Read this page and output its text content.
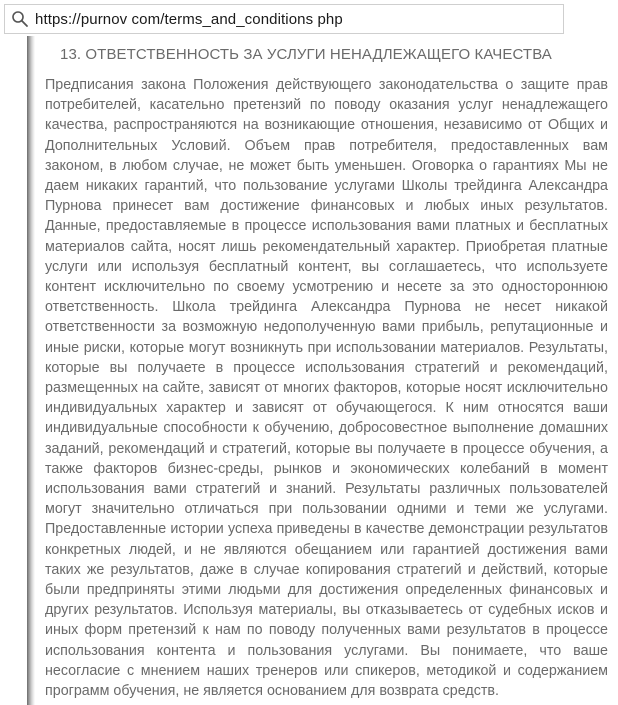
https://purnov com/terms_and_conditions php
13. ОТВЕТСТВЕННОСТЬ ЗА УСЛУГИ НЕНАДЛЕЖАЩЕГО КАЧЕСТВА

Предписания закона Положения действующего законодательства о защите прав потребителей, касательно претензий по поводу оказания услуг ненадлежащего качества, распространяются на возникающие отношения, независимо от Общих и Дополнительных Условий. Объем прав потребителя, предоставленных вам законом, в любом случае, не может быть уменьшен. Оговорка о гарантиях Мы не даем никаких гарантий, что пользование услугами Школы трейдинга Александра Пурнова принесет вам достижение финансовых и любых иных результатов. Данные, предоставляемые в процессе использования вами платных и бесплатных материалов сайта, носят лишь рекомендательный характер. Приобретая платные услуги или используя бесплатный контент, вы соглашаетесь, что используете контент исключительно по своему усмотрению и несете за это одностороннюю ответственность. Школа трейдинга Александра Пурнова не несет никакой ответственности за возможную недополученную вами прибыль, репутационные и иные риски, которые могут возникнуть при использовании материалов. Результаты, которые вы получаете в процессе использования стратегий и рекомендаций, размещенных на сайте, зависят от многих факторов, которые носят исключительно индивидуальных характер и зависят от обучающегося. К ним относятся ваши индивидуальные способности к обучению, добросовестное выполнение домашних заданий, рекомендаций и стратегий, которые вы получаете в процессе обучения, а также факторов бизнес-среды, рынков и экономических колебаний в момент использования вами стратегий и знаний. Результаты различных пользователей могут значительно отличаться при пользовании одними и теми же услугами. Предоставленные истории успеха приведены в качестве демонстрации результатов конкретных людей, и не являются обещанием или гарантией достижения вами таких же результатов, даже в случае копирования стратегий и действий, которые были предприняты этими людьми для достижения определенных финансовых и других результатов. Используя материалы, вы отказываетесь от судебных исков и иных форм претензий к нам по поводу полученных вами результатов в процессе использования контента и пользования услугами. Вы понимаете, что ваше несогласие с мнением наших тренеров или спикеров, методикой и содержанием программ обучения, не является основанием для возврата средств.
